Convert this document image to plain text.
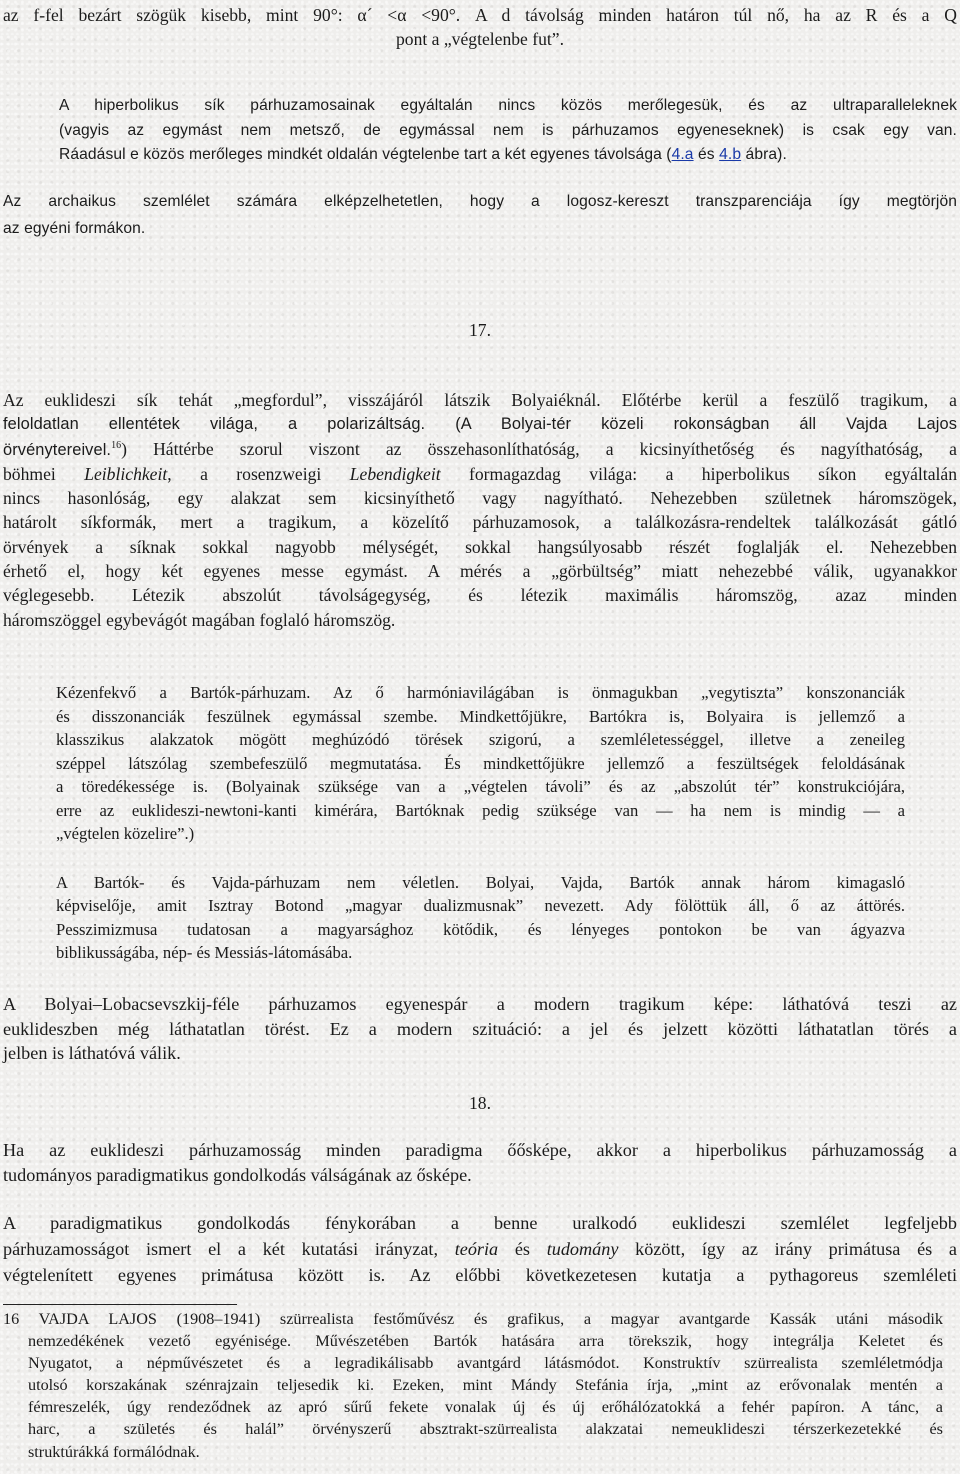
az f-fel bezárt szögük kisebb, mint 90°: α´ <α <90°. A d távolság minden határon túl nő, ha az R és a Q
pont a „végtelenbe fut”.
A hiperbolikus sík párhuzamosainak egyáltalán nincs közös merőlegesük, és az ultraparalleleknek
(vagyis az egymást nem metsző, de egymással nem is párhuzamos egyeneseknek) is csak egy van.
Ráadásul e közös merőleges mindkét oldalán végtelenbe tart a két egyenes távolsága (4.a és 4.b ábra).
Az archaikus szemlélet számára elképzelhetetlen, hogy a logosz-kereszt transzparenciája így megtörjön
az egyéni formákon.
17.
Az euklideszi sík tehát „megfordul”, visszájáról látszik Bolyaiéknál. Előtérbe kerül a feszülő tragikum, a
feloldatlan ellentétek világa, a polarizáltság. (A Bolyai-tér közeli rokonságban áll Vajda Lajos
örvénytereivel.$^{16}$) Háttérbe szorul viszont az összehasonlíthatóság, a kicsinyíthetőség és nagyíthatóság, a
böhmei Leiblichkeit, a rosenzweigi Lebendigkeit formagazdag világa: a hiperbolikus síkon egyáltalán
nincs hasonlóság, egy alakzat sem kicsinyíthető vagy nagyítható. Nehezebben születnek háromszögek,
határolt síkformák, mert a tragikum, a közelítő párhuzamosok, a találkozásra-rendeltek találkozását gátló
örvények a síknak sokkal nagyobb mélységét, sokkal hangsúlyosabb részét foglalják el. Nehezebben
érhető el, hogy két egyenes messe egymást. A mérés a „görbültség” miatt nehezebbé válik, ugyanakkor
véglegesebb. Létezik abszolút távolságegység, és létezik maximális háromszög, azaz minden
háromszöggel egybevágót magában foglaló háromszög.
Kézenfekvő a Bartók-párhuzam. Az ő harmóniavilágában is önmagukban „vegytiszta” konszonanciák
és disszonanciák feszülnek egymással szembe. Mindkettőjükre, Bartókra is, Bolyaira is jellemző a
klasszikus alakzatok mögött meghúzódó törések szigorú, a szemléletességgel, illetve a zeneileg
széppel látszólag szembefeszülő megmutatása. És mindkettőjükre jellemző a feszültségek feloldásának
a töredékessége is. (Bolyainak szüksége van a „végtelen távoli” és az „abszolút tér” konstrukciójára,
erre az euklideszi-newtoni-kanti kimérára, Bartóknak pedig szüksége van — ha nem is mindig — a
„végtelen közelire”.)
A Bartók- és Vajda-párhuzam nem véletlen. Bolyai, Vajda, Bartók annak három kimagasló
képviselője, amit Isztray Botond „magyar dualizmusnak” nevezett. Ady fölöttük áll, ő az áttörés.
Pesszimizmusa tudatosan a magyarsághoz kötődik, és lényeges pontokon be van ágyazva
biblikusságába, nép- és Messiás-látomásába.
A Bolyai–Lobacsevszkij-féle párhuzamos egyenespár a modern tragikum képe: láthatóvá teszi az
euklideszben még láthatatlan törést. Ez a modern szituáció: a jel és jelzett közötti láthatatlan törés a
jelben is láthatóvá válik.
18.
Ha az euklideszi párhuzamosság minden paradigma őősképe, akkor a hiperbolikus párhuzamosság a
tudományos paradigmatikus gondolkodás válságának az ősképe.
A paradigmatikus gondolkodás fénykorában a benne uralkodó euklideszi szemlélet legfeljebb
párhuzamosságot ismert el a két kutatási irányzat, teória és tudomány között, így az irány primátusa és a
végtelenített egyenes primátusa között is. Az előbbi következetesen kutatja a pythagoreus szemléleti
16 VAJDA LAJOS (1908–1941) szürrealista festőművész és grafikus, a magyar avantgarde Kassák utáni második
nemzedékének vezető egyénisége. Művészetében Bartók hatására arra törekszik, hogy integrálja Keletet és
Nyugatot, a népművészetet és a legradikálisabb avantgárd látásmódot. Konstruktív szürrealista szemléletmódja
utolsó korszakának szénrajzain teljesedik ki. Ezeken, mint Mándy Stefánia írja, „mint az erővonalak mentén a
fémreszelék, úgy rendeződnek az apró sűrű fekete vonalak új és új erőhálózatokká a fehér papíron. A tánc, a
harc, a születés és halál” örvényszerű absztrakt-szürrealista alakzatai nemeuklideszi térszerkezetekké és
struktúrákká formálódnak.
